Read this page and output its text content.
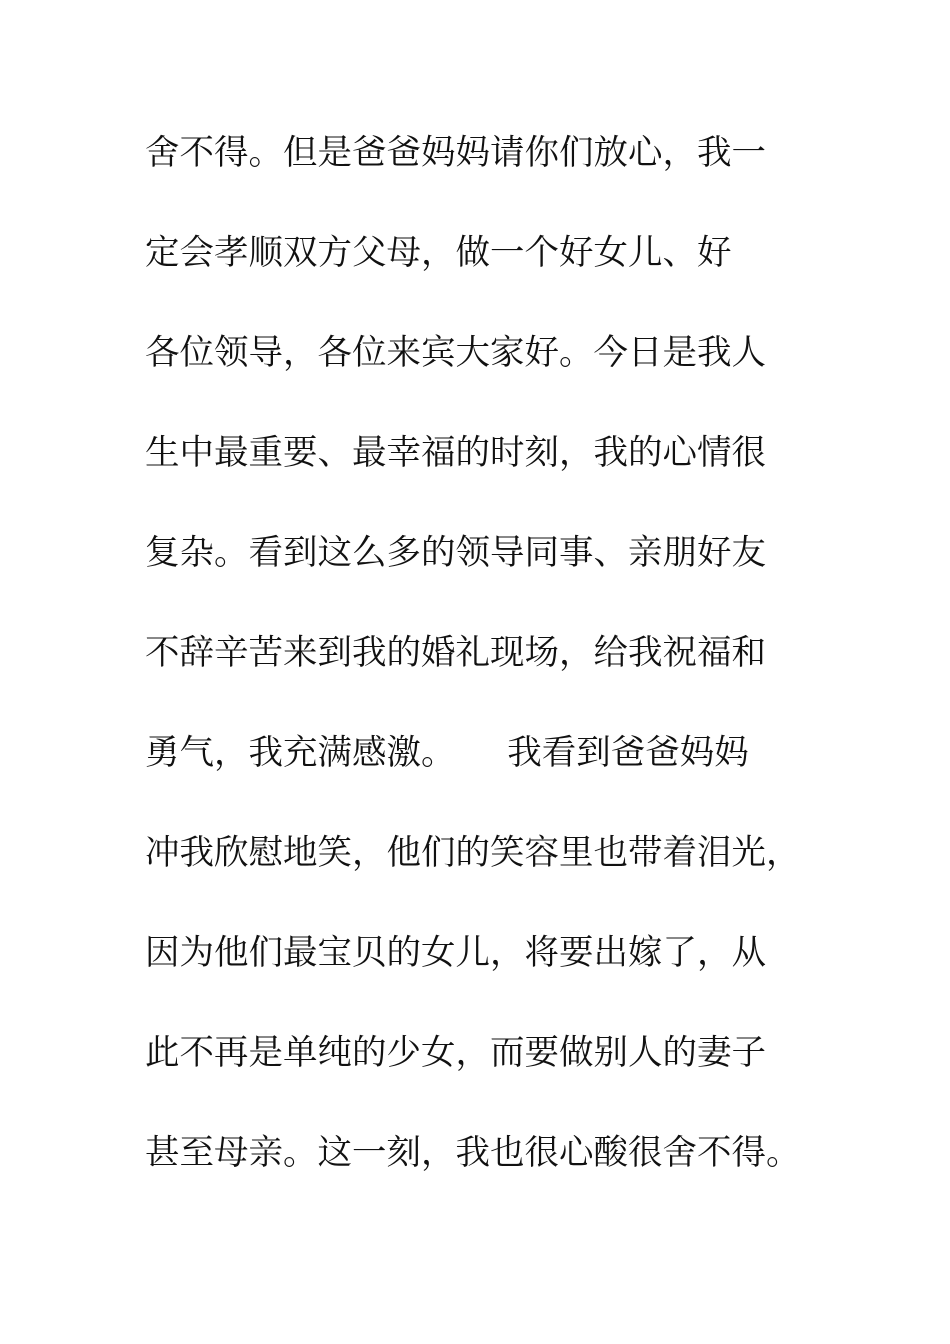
舍不得。但是爸爸妈妈请你们放心，我一
定会孝顺双方父母，做一个好女儿、好
各位领导，各位来宾大家好。今日是我人
生中最重要、最幸福的时刻，我的心情很
复杂。看到这么多的领导同事、亲朋好友
不辞辛苦来到我的婚礼现场，给我祝福和
勇气，我充满感激。　　我看到爸爸妈妈
冲我欣慰地笑，他们的笑容里也带着泪光，
因为他们最宝贝的女儿，将要出嫁了，从
此不再是单纯的少女，而要做别人的妻子
甚至母亲。这一刻，我也很心酸很舍不得。
